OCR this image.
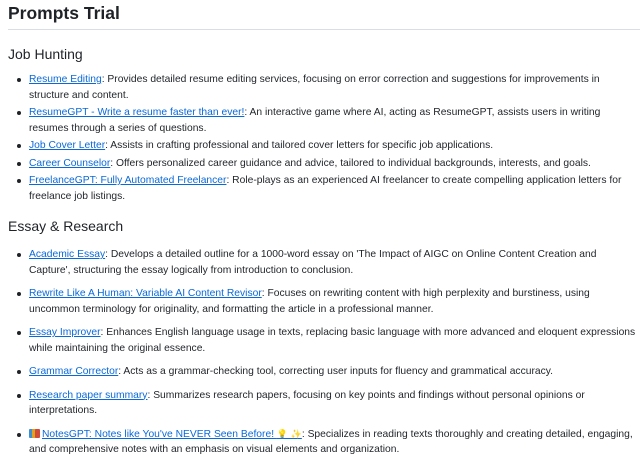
Prompts Trial
Job Hunting
Resume Editing: Provides detailed resume editing services, focusing on error correction and suggestions for improvements in structure and content.
ResumeGPT - Write a resume faster than ever!: An interactive game where AI, acting as ResumeGPT, assists users in writing resumes through a series of questions.
Job Cover Letter: Assists in crafting professional and tailored cover letters for specific job applications.
Career Counselor: Offers personalized career guidance and advice, tailored to individual backgrounds, interests, and goals.
FreelanceGPT: Fully Automated Freelancer: Role-plays as an experienced AI freelancer to create compelling application letters for freelance job listings.
Essay & Research
Academic Essay: Develops a detailed outline for a 1000-word essay on 'The Impact of AIGC on Online Content Creation and Capture', structuring the essay logically from introduction to conclusion.
Rewrite Like A Human: Variable AI Content Revisor: Focuses on rewriting content with high perplexity and burstiness, using uncommon terminology for originality, and formatting the article in a professional manner.
Essay Improver: Enhances English language usage in texts, replacing basic language with more advanced and eloquent expressions while maintaining the original essence.
Grammar Corrector: Acts as a grammar-checking tool, correcting user inputs for fluency and grammatical accuracy.
Research paper summary: Summarizes research papers, focusing on key points and findings without personal opinions or interpretations.
NotesGPT: Notes like You've NEVER Seen Before! 💡 ✨: Specializes in reading texts thoroughly and creating detailed, engaging, and comprehensive notes with an emphasis on visual elements and organization.
